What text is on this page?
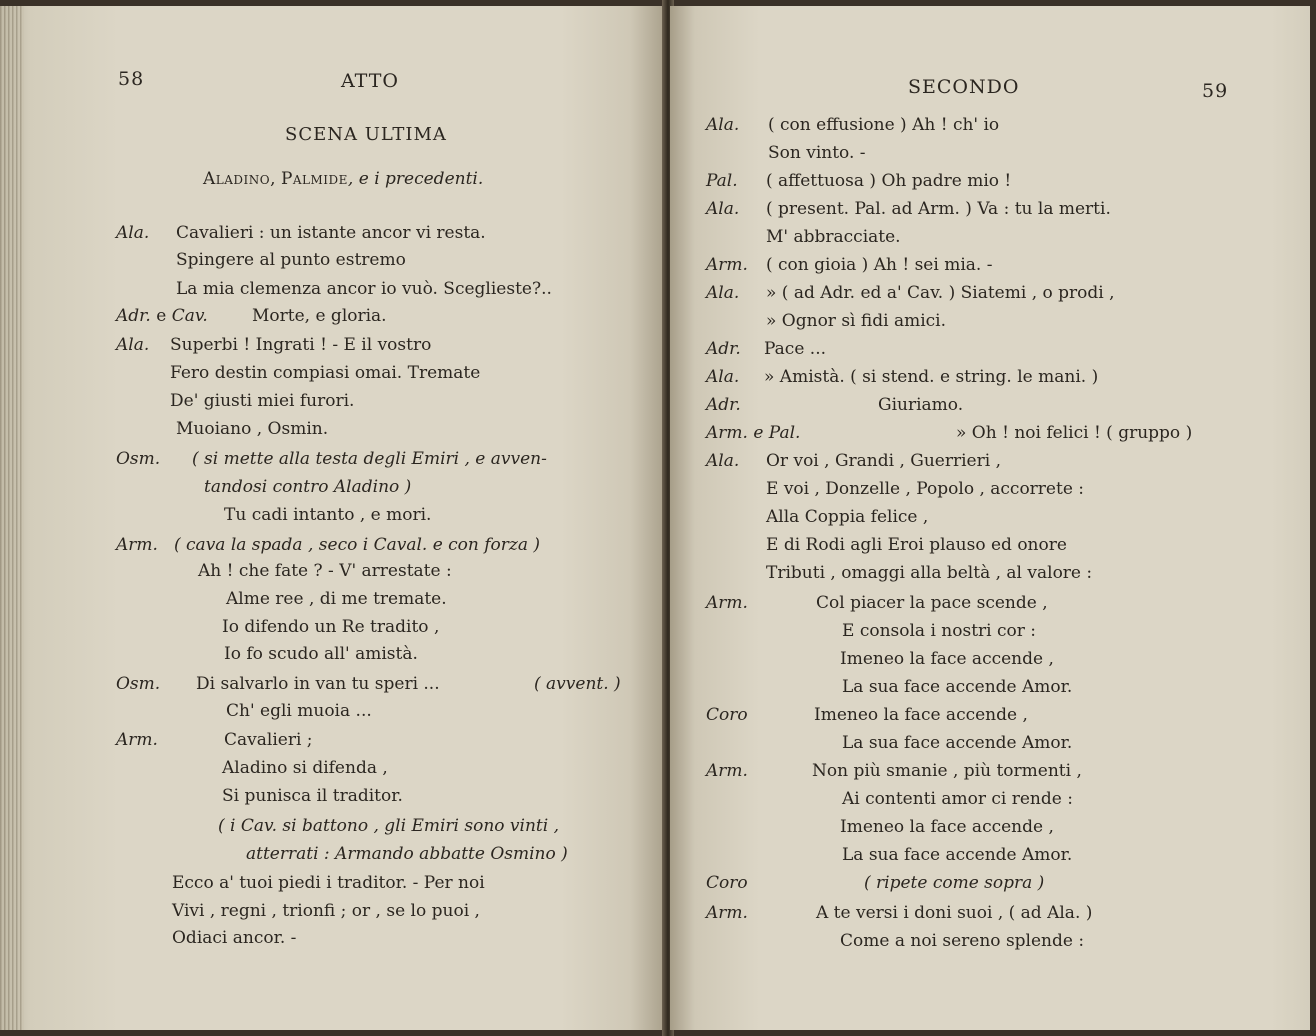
58	ATTO
SCENA ULTIMA
Aladino, Palmide, e i precedenti.
Ala. Cavalieri : un istante ancor vi resta.
Spingere al punto estremo
La mia clemenza ancor io vuò. Sceglieste?..
Adr. e Cav.	Morte, e gloria.
Ala. Superbi ! Ingrati ! - E il vostro
Fero destin compiasi omai. Tremate
De' giusti miei furori.
Muoiano , Osmin.
Osm. ( si mette alla testa degli Emiri , e avven-
tandosi contro Aladino )
Tu cadi intanto , e mori.
Arm. ( cava la spada , seco i Caval. e con forza )
Ah ! che fate ? - V' arrestate :
Alme ree , di me tremate.
Io difendo un Re tradito ,
Io fo scudo all' amistà.
Osm. Di salvarlo in van tu speri ...	( avvent. )
Ch' egli muoia ...
Arm.	Cavalieri ;
Aladino si difenda ,
Si punisca il traditor.
( i Cav. si battono , gli Emiri sono vinti ,
atterrati : Armando abbatte Osmino )
Ecco a' tuoi piedi i traditor. - Per noi
Vivi , regni , trionfi ; or , se lo puoi ,
Odiaci ancor. -
SECONDO	59
Ala. ( con effusione ) Ah ! ch' io
Son vinto. -
Pal. ( affettuosa ) Oh padre mio !
Ala. ( present. Pal. ad Arm. ) Va : tu la merti.
M' abbracciate.
Arm. ( con gioia ) Ah ! sei mia. -
Ala. » ( ad Adr. ed a' Cav. ) Siatemi , o prodi ,
» Ognor sì fidi amici.
Adr. Pace ...
Ala. » Amistà. ( si stend. e string. le mani. )
Adr.	Giuriamo.
Arm. e Pal.	» Oh ! noi felici ! ( gruppo )
Ala. Or voi , Grandi , Guerrieri ,
E voi , Donzelle , Popolo , accorrete :
Alla Coppia felice ,
E di Rodi agli Eroi plauso ed onore
Tributi , omaggi alla beltà , al valore :
Arm.	Col piacer la pace scende ,
E consola i nostri cor :
Imeneo la face accende ,
La sua face accende Amor.
Coro	Imeneo la face accende ,
La sua face accende Amor.
Arm.	Non più smanie , più tormenti ,
Ai contenti amor ci rende :
Imeneo la face accende ,
La sua face accende Amor.
Coro	( ripete come sopra )
Arm.	A te versi i doni suoi , ( ad Ala. )
Come a noi sereno splende :
